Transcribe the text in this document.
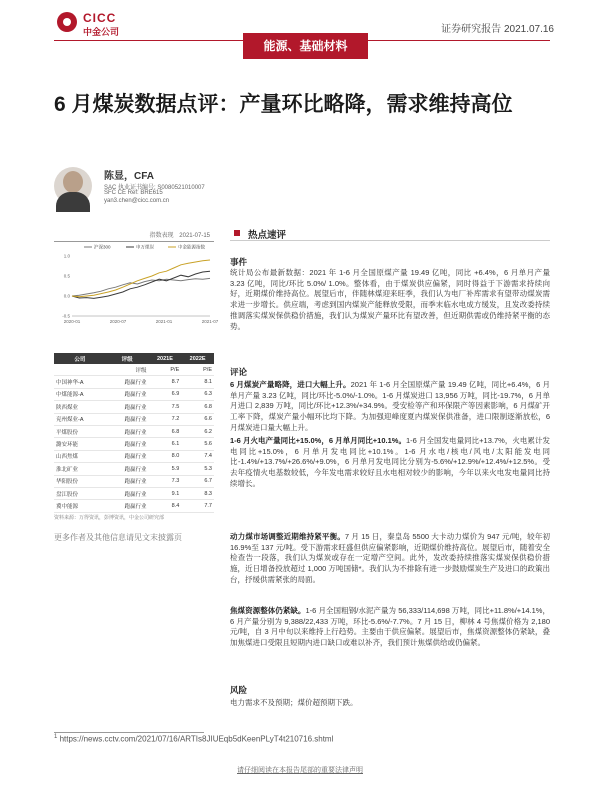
CICC
中金公司
能源、基础材料
证券研究报告 2021.07.16
6 月煤炭数据点评：产量环比略降，需求维持高位
陈显，CFA
SAC 执业证书编号: S0080521010007
SFC CE Ref: BRE615
yan3.chen@cicc.com.cn
指数表现 2021-07-15
1.0
0.5
0.0
-0.5
2020-01	2020-07	2021-01	2021-07
沪深300	申万煤炭	中金能源指数
公司	评级	2021E	2022E
	评级	P/E	P/E
中国神华-A	跑赢行业	8.7	8.1
中煤能源-A	跑赢行业	6.9	6.3
陕西煤业	跑赢行业	7.5	6.8
兖州煤业-A	跑赢行业	7.2	6.6
平煤股份	跑赢行业	6.8	6.2
潞安环能	跑赢行业	6.1	5.6
山西焦煤	跑赢行业	8.0	7.4
淮北矿业	跑赢行业	5.9	5.3
华阳股份	跑赢行业	7.3	6.7
盘江股份	跑赢行业	9.1	8.3
冀中能源	跑赢行业	8.4	7.7
资料来源：万得资讯，彭博资讯，中金公司研究部
更多作者及其他信息请见文末披露页
热点速评
事件
统计局公布最新数据：2021 年 1-6 月全国原煤产量 19.49 亿吨，同比 +6.4%，6 月单月产量 3.23 亿吨，同比/环比 5.0%/ 1.0%。整体看，由于煤炭供应偏紧，同时得益于下游需求持续向好，近期煤价维持高位。展望后市，伴随林煤迎来旺季，我们认为电厂补库需求有望带动煤炭需求进一步增长。供应端，考虑到国内煤炭产能释放受限，而季末临水电成方缓发，且发改委持续推调落实煤炭保供稳价措施，我们认为煤炭产量环比有望改善，但近期供需或仍维持紧平衡的态势。
评论
6 月煤炭产量略降，进口大幅上升。2021 年 1-6 月全国原煤产量 19.49 亿吨，同比+6.4%，6 月单月产量 3.23 亿吨，同比/环比-5.0%/-1.0%。1-6 月煤炭进口 13,956 万吨，同比-19.7%，6 月单月进口 2,839 万吨，同比/环比+12.3%/+34.9%。受安检等产和环保限产等因素影响，6 月煤矿开工率下降，煤炭产量小幅环比均下降。为加强迎峰度夏内煤炭保供准备，进口限制逐渐放松，6 月煤炭进口量大幅上升。
1-6 月火电产量同比+15.0%，6 月单月同比+10.1%。1-6 月全国发电量同比+13.7%，火电累计发电同比+15.0%，6 月单月发电同比+10.1%。1-6 月水电/核电/风电/太阳能发电同比-1.4%/+13.7%/+26.6%/+9.0%，6 月单月发电同比分别为-5.6%/+12.9%/+12.4%/+12.5%。受去年疫情火电基数较低，今年发电需求较好且水电相对较少的影响，今年以来火电发电量同比持续增长。
动力煤市场调整近期维持紧平衡。7 月 15 日，秦皇岛 5500 大卡动力煤价为 947 元/吨，较年初 16.9%至 137 元/吨。受下游需求旺盛但供应偏紧影响，近期煤价维持高位。展望后市，随着安全检查告一段落，我们认为煤炭或存在一定增产空间。此外，发改委持续推落实煤炭保供稳价措施，近日增备投放超过 1,000 万吨国储*。我们认为不排除有进一步鼓励煤炭生产及进口的政策出台，抒缓供需紧张的局面。
焦煤资源整体仍紧缺。1-6 月全国粗钢/水泥产量为 56,333/114,698 万吨，同比+11.8%/+14.1%，6 月产量分别为 9,388/22,433 万吨，环比-5.6%/-7.7%。7 月 15 日，柳林 4 号焦煤价格为 2,180 元/吨，自 3 月中旬以来维持上行趋势。主要由于供应偏紧。展望后市，焦煤资源整体仍紧缺，叠加焦煤进口受限且短期内进口缺口或难以补齐，我们预计焦煤供给或仍偏紧。
风险
电力需求不及预期；煤价超预期下跌。
$^1$ https://news.cctv.com/2021/07/16/ARTIs8JIUEqb5dKeenPLyT4t210716.shtml
请仔细阅读在本报告尾部的重要法律声明
